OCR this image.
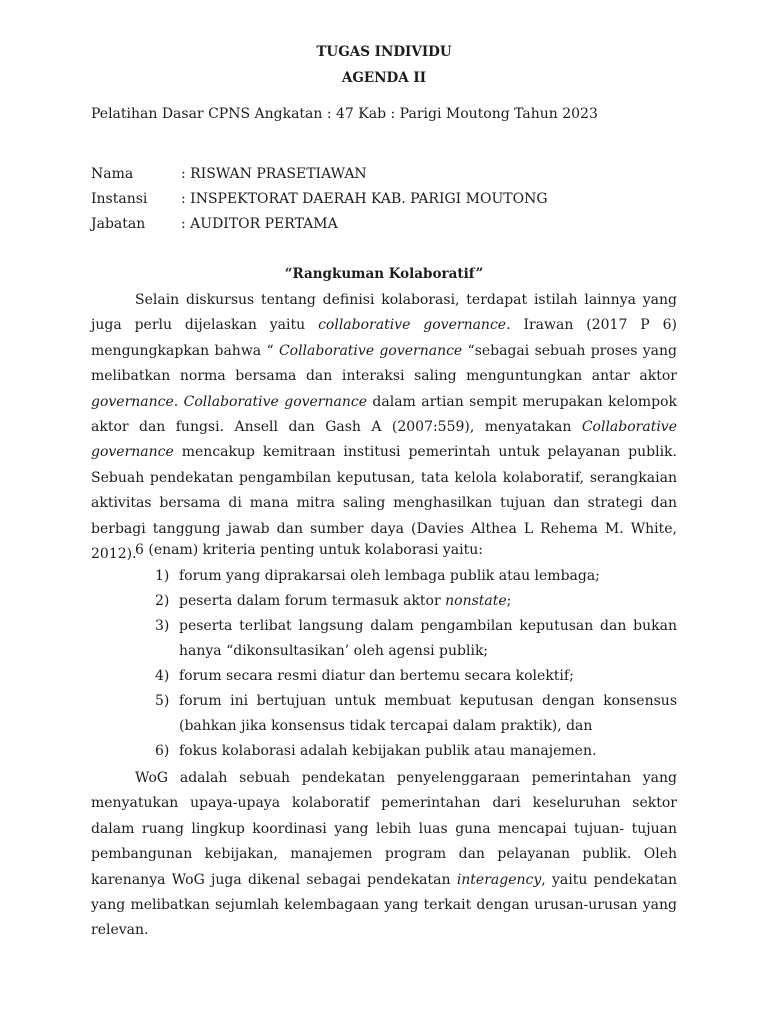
TUGAS INDIVIDU
AGENDA II
Pelatihan Dasar CPNS Angkatan : 47 Kab : Parigi Moutong Tahun 2023
Nama	: RISWAN PRASETIAWAN
Instansi : INSPEKTORAT DAERAH KAB. PARIGI MOUTONG
Jabatan	: AUDITOR PERTAMA
“Rangkuman Kolaboratif”

Selain diskursus tentang definisi kolaborasi, terdapat istilah lainnya yang juga perlu dijelaskan yaitu collaborative governance. Irawan (2017 P 6) mengungkapkan bahwa “ Collaborative governance “sebagai sebuah proses yang melibatkan norma bersama dan interaksi saling menguntungkan antar aktor governance. Collaborative governance dalam artian sempit merupakan kelompok aktor dan fungsi. Ansell dan Gash A (2007:559), menyatakan Collaborative governance mencakup kemitraan institusi pemerintah untuk pelayanan publik. Sebuah pendekatan pengambilan keputusan, tata kelola kolaboratif, serangkaian aktivitas bersama di mana mitra saling menghasilkan tujuan dan strategi dan berbagi tanggung jawab dan sumber daya (Davies Althea L Rehema M. White, 2012).

6 (enam) kriteria penting untuk kolaborasi yaitu:
1) forum yang diprakarsai oleh lembaga publik atau lembaga;
2) peserta dalam forum termasuk aktor nonstate;
3) peserta terlibat langsung dalam pengambilan keputusan dan bukan hanya “dikonsultasikan’ oleh agensi publik;
4) forum secara resmi diatur dan bertemu secara kolektif;
5) forum ini bertujuan untuk membuat keputusan dengan konsensus (bahkan jika konsensus tidak tercapai dalam praktik), dan
6) fokus kolaborasi adalah kebijakan publik atau manajemen.

WoG adalah sebuah pendekatan penyelenggaraan pemerintahan yang menyatukan upaya-upaya kolaboratif pemerintahan dari keseluruhan sektor dalam ruang lingkup koordinasi yang lebih luas guna mencapai tujuan- tujuan pembangunan kebijakan, manajemen program dan pelayanan publik. Oleh karenanya WoG juga dikenal sebagai pendekatan interagency, yaitu pendekatan yang melibatkan sejumlah kelembagaan yang terkait dengan urusan-urusan yang relevan.
